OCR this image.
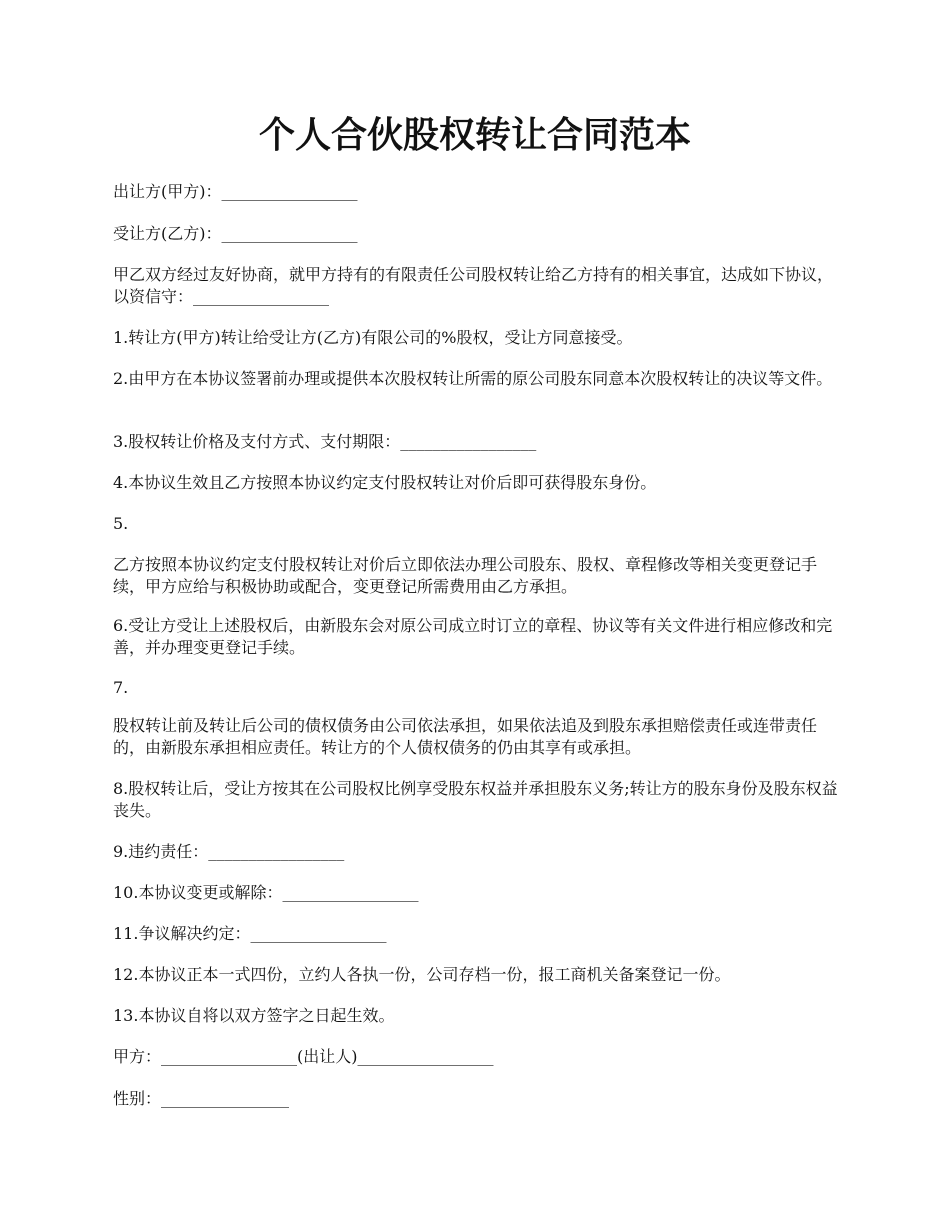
个人合伙股权转让合同范本

出让方(甲方)：_________________

受让方(乙方)：_________________

甲乙双方经过友好协商，就甲方持有的有限责任公司股权转让给乙方持有的相关事宜，达成如下协议，以资信守：_________________

1.转让方(甲方)转让给受让方(乙方)有限公司的%股权，受让方同意接受。

2.由甲方在本协议签署前办理或提供本次股权转让所需的原公司股东同意本次股权转让的决议等文件。

3.股权转让价格及支付方式、支付期限：_________________

4.本协议生效且乙方按照本协议约定支付股权转让对价后即可获得股东身份。

5.

乙方按照本协议约定支付股权转让对价后立即依法办理公司股东、股权、章程修改等相关变更登记手续，甲方应给与积极协助或配合，变更登记所需费用由乙方承担。

6.受让方受让上述股权后，由新股东会对原公司成立时订立的章程、协议等有关文件进行相应修改和完善，并办理变更登记手续。

7.

股权转让前及转让后公司的债权债务由公司依法承担，如果依法追及到股东承担赔偿责任或连带责任的，由新股东承担相应责任。转让方的个人债权债务的仍由其享有或承担。

8.股权转让后，受让方按其在公司股权比例享受股东权益并承担股东义务;转让方的股东身份及股东权益丧失。

9.违约责任：_________________

10.本协议变更或解除：_________________

11.争议解决约定：_________________

12.本协议正本一式四份，立约人各执一份，公司存档一份，报工商机关备案登记一份。

13.本协议自将以双方签字之日起生效。

甲方：_________________(出让人)_________________

性别：________________
